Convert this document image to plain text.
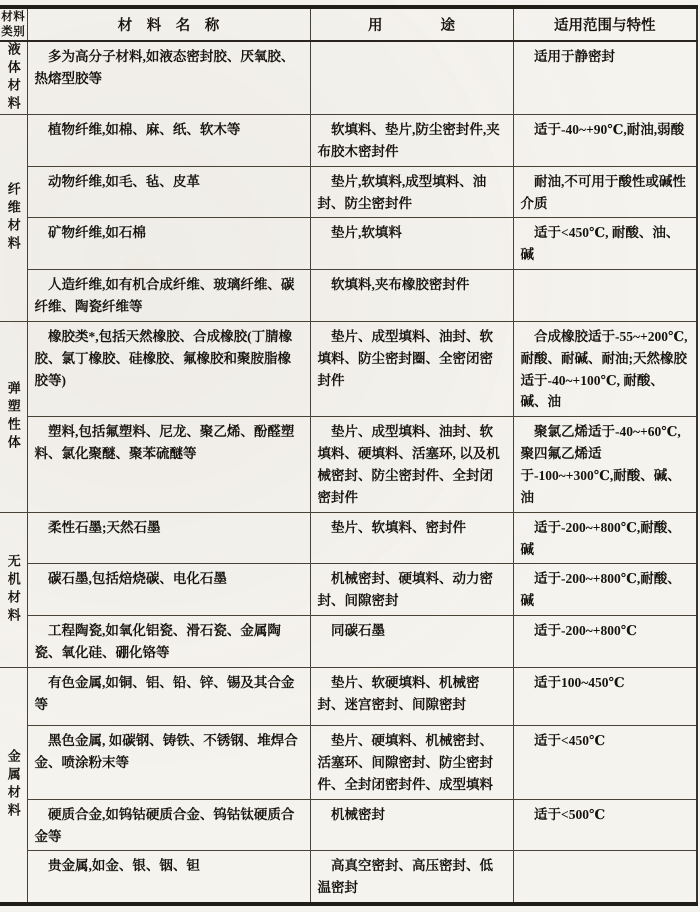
材料类别	材　料　名　称	用　　　　途	适用范围与特性

液体材料	多为高分子材料,如液态密封胶、厌氧胶、热熔型胶等		适用于静密封

纤维材料	植物纤维,如棉、麻、纸、软木等	软填料、垫片,防尘密封件,夹布胶木密封件	适于-40~+90℃,耐油,弱酸

	动物纤维,如毛、毡、皮革	垫片,软填料,成型填料、油封、防尘密封件	耐油,不可用于酸性或碱性介质

	矿物纤维,如石棉	垫片,软填料	适于<450℃, 耐酸、油、碱

	人造纤维,如有机合成纤维、玻璃纤维、碳纤维、陶瓷纤维等	软填料,夹布橡胶密封件	

弹塑性体	橡胶类*,包括天然橡胶、合成橡胶(丁腈橡胶、氯丁橡胶、硅橡胶、氟橡胶和聚胺脂橡胶等)	垫片、成型填料、油封、软填料、防尘密封圈、全密闭密封件	合成橡胶适于-55~+200℃, 耐酸、耐碱、耐油;天然橡胶适于-40~+100℃, 耐酸、碱、油

	塑料,包括氟塑料、尼龙、聚乙烯、酚醛塑料、氯化聚醚、聚苯硫醚等	垫片、成型填料、油封、软填料、硬填料、活塞环, 以及机械密封、防尘密封件、全封闭密封件	聚氯乙烯适于-40~+60℃,聚四氟乙烯适于-100~+300℃,耐酸、碱、油

无机材料	柔性石墨;天然石墨	垫片、软填料、密封件	适于-200~+800℃,耐酸、碱

	碳石墨,包括焙烧碳、电化石墨	机械密封、硬填料、动力密封、间隙密封	适于-200~+800℃,耐酸、碱

	工程陶瓷,如氧化铝瓷、滑石瓷、金属陶瓷、氧化硅、硼化铬等	同碳石墨	适于-200~+800℃

金属材料	有色金属,如铜、铝、铅、锌、锡及其合金等	垫片、软硬填料、机械密封、迷宫密封、间隙密封	适于100~450℃

	黑色金属, 如碳钢、铸铁、不锈钢、堆焊合金、喷涂粉末等	垫片、硬填料、机械密封、活塞环、间隙密封、防尘密封件、全封闭密封件、成型填料	适于<450℃

	硬质合金,如钨钴硬质合金、钨钴钛硬质合金等	机械密封	适于<500℃

	贵金属,如金、银、铟、钽	高真空密封、高压密封、低温密封	
